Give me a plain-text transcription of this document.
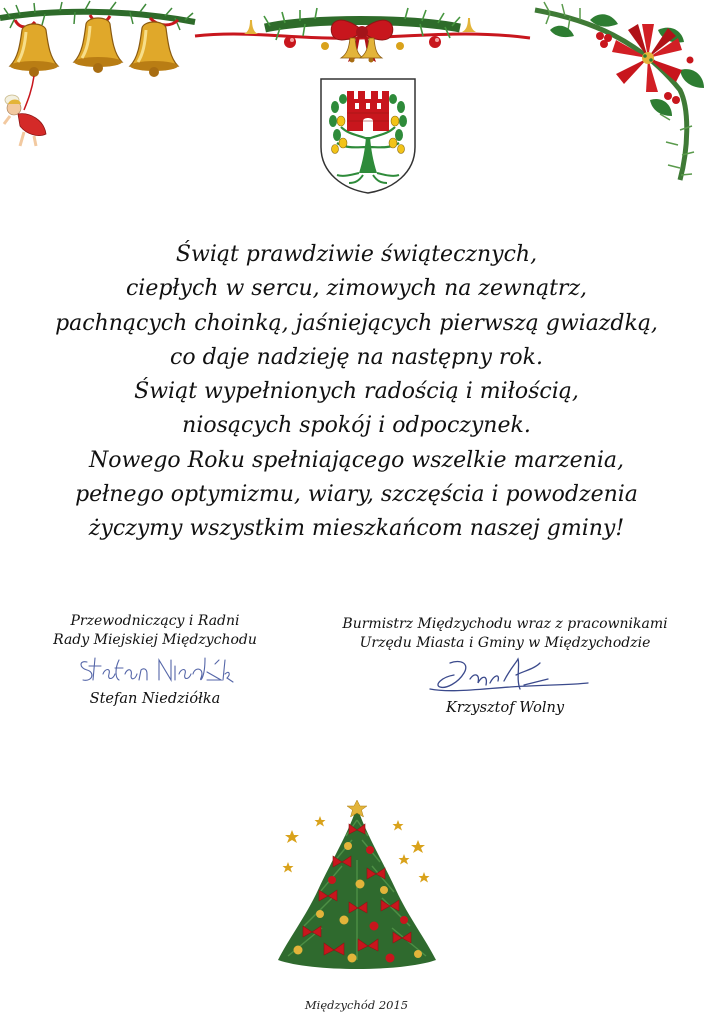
Świąt prawdziwie świątecznych,
ciepłych w sercu, zimowych na zewnątrz,
pachnących choinką, jaśniejących pierwszą gwiazdką,
co daje nadzieję na następny rok.
Świąt wypełnionych radością i miłością,
niosących spokój i odpoczynek.
Nowego Roku spełniającego wszelkie marzenia,
pełnego optymizmu, wiary, szczęścia i powodzenia
życzymy wszystkim mieszkańcom naszej gminy!
Przewodniczący i Radni
Rady Miejskiej Międzychodu
Stefan Niedziółka
Burmistrz Międzychodu wraz z pracownikami
Urzędu Miasta i Gminy w Międzychodzie
Krzysztof Wolny
Międzychód 2015
